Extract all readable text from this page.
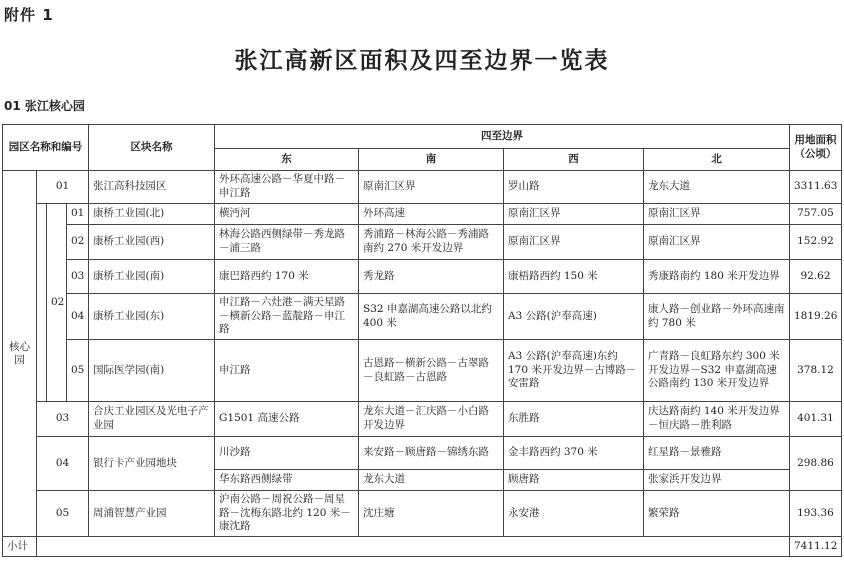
附件 1
张江高新区面积及四至边界一览表
01 张江核心园
园区名称和编号				区块名称	四至边界				用地面积（公顷）
					东	南	西	北	
核心园	01			张江高科技园区	外环高速公路－华夏中路－申江路	原南汇区界	罗山路	龙东大道	3311.63
		02	01	康桥工业园(北)	横沔河	外环高速	原南汇区界	原南汇区界	757.05
			02	康桥工业园(西)	林海公路西侧绿带－秀龙路－浦三路	秀浦路－林海公路－秀浦路南约 270 米开发边界	原南汇区界	原南汇区界	152.92
			03	康桥工业园(南)	康巴路西约 170 米	秀龙路	康梧路西约 150 米	秀康路南约 180 米开发边界	92.62
			04	康桥工业园(东)	申江路－六灶港－满天星路－横新公路－蓝靛路－申江路	S32 申嘉湖高速公路以北约 400 米	A3 公路(沪奉高速)	康人路－创业路－外环高速南约 780 米	1819.26
			05	国际医学园(南)	申江路	古恩路－横新公路－古翠路－良虹路－古恩路	A3 公路(沪奉高速)东约 170 米开发边界－古博路－安雷路	广青路－良虹路东约 300 米开发边界－S32 申嘉湖高速公路南约 130 米开发边界	378.12
	03			合庆工业园区及光电子产业园	G1501 高速公路	龙东大道－汇庆路－小白路开发边界	东胜路	庆达路南约 140 米开发边界－恒庆路－胜利路	401.31
	04			银行卡产业园地块	川沙路	来安路－顾唐路－锦绣东路	金丰路西约 370 米	红星路－景雅路	298.86
					华东路西侧绿带	龙东大道	顾唐路	张家浜开发边界	
	05			周浦智慧产业园	沪南公路－周祝公路－周星路－沈梅东路北约 120 米－康沈路	沈庄塘	永安港	繁荣路	193.36
小计									7411.12
